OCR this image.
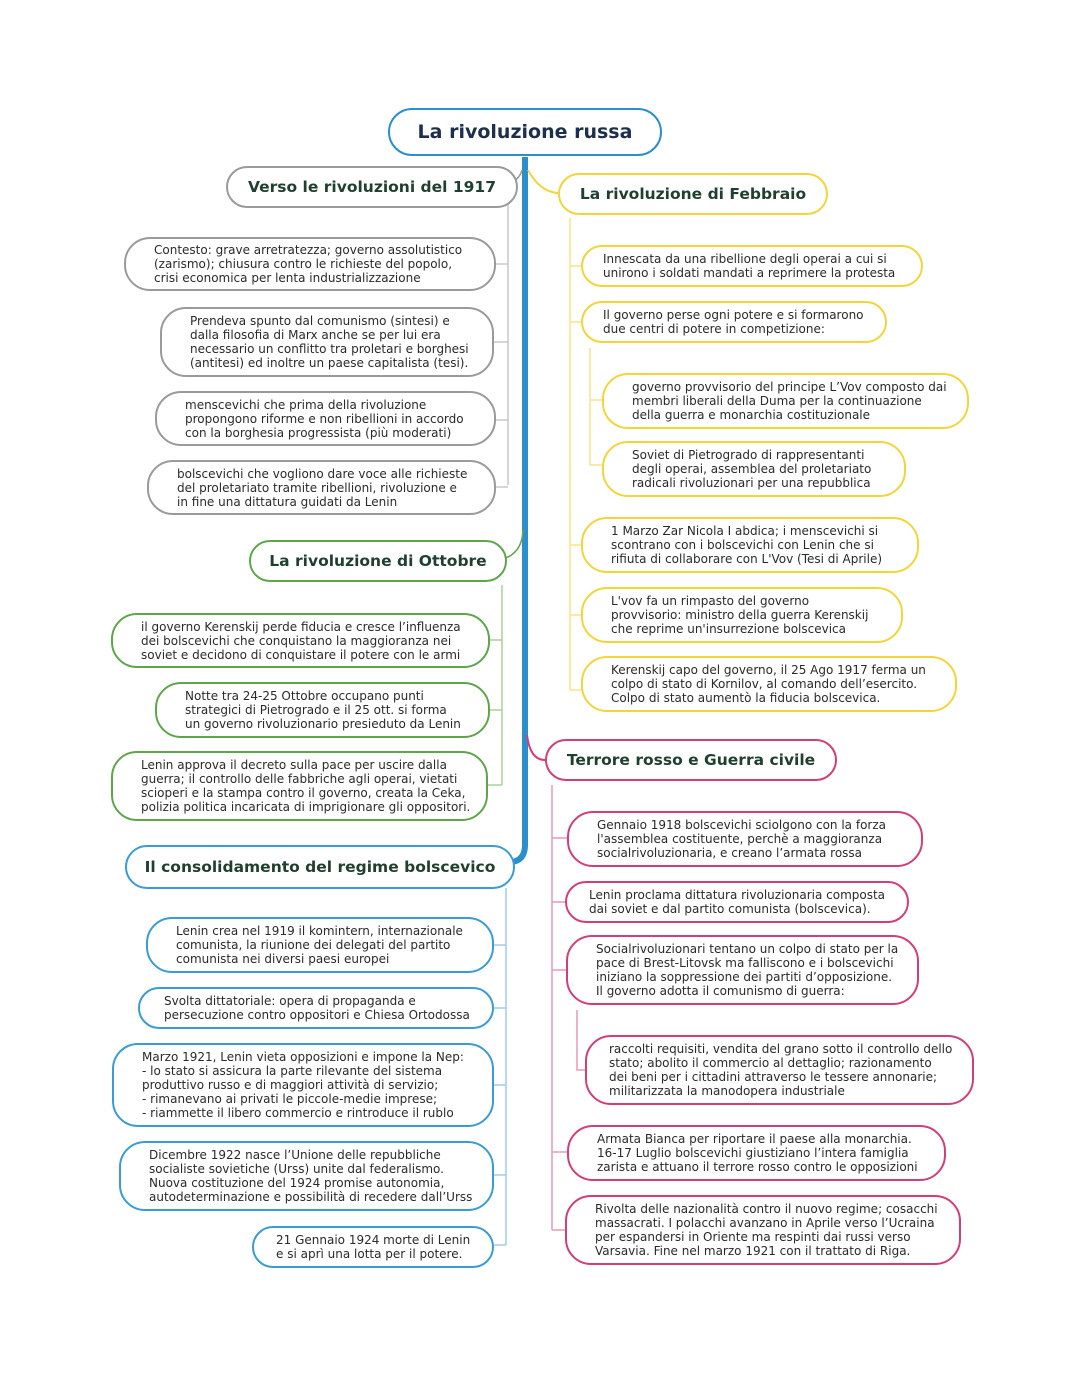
La rivoluzione russa
Verso le rivoluzioni del 1917
Contesto: grave arretratezza; governo assolutistico
(zarismo); chiusura contro le richieste del popolo,
crisi economica per lenta industrializzazione
Prendeva spunto dal comunismo (sintesi) e
dalla filosofia di Marx anche se per lui era
necessario un conflitto tra proletari e borghesi
(antitesi) ed inoltre un paese capitalista (tesi).
menscevichi che prima della rivoluzione
propongono riforme e non ribellioni in accordo
con la borghesia progressista (più moderati)
bolscevichi che vogliono dare voce alle richieste
del proletariato tramite ribellioni, rivoluzione e
in fine una dittatura guidati da Lenin
La rivoluzione di Febbraio
Innescata da una ribellione degli operai a cui si
unirono i soldati mandati a reprimere la protesta
Il governo perse ogni potere e si formarono
due centri di potere in competizione:
governo provvisorio del principe L’Vov composto dai
membri liberali della Duma per la continuazione
della guerra e monarchia costituzionale
Soviet di Pietrogrado di rappresentanti
degli operai, assemblea del proletariato
radicali rivoluzionari per una repubblica
1 Marzo Zar Nicola I abdica; i menscevichi si
scontrano con i bolscevichi con Lenin che si
rifiuta di collaborare con L'Vov (Tesi di Aprile)
L'vov fa un rimpasto del governo
provvisorio: ministro della guerra Kerenskij
che reprime un'insurrezione bolscevica
Kerenskij capo del governo, il 25 Ago 1917 ferma un
colpo di stato di Kornilov, al comando dell’esercito.
Colpo di stato aumentò la fiducia bolscevica.
La rivoluzione di Ottobre
il governo Kerenskij perde fiducia e cresce l’influenza
dei bolscevichi che conquistano la maggioranza nei
soviet e decidono di conquistare il potere con le armi
Notte tra 24-25 Ottobre occupano punti
strategici di Pietrogrado e il 25 ott. si forma
un governo rivoluzionario presieduto da Lenin
Lenin approva il decreto sulla pace per uscire dalla
guerra; il controllo delle fabbriche agli operai, vietati
scioperi e la stampa contro il governo, creata la Ceka,
polizia politica incaricata di imprigionare gli oppositori.
Terrore rosso e Guerra civile
Gennaio 1918 bolscevichi sciolgono con la forza
l'assemblea costituente, perchè a maggioranza
socialrivoluzionaria, e creano l’armata rossa
Lenin proclama dittatura rivoluzionaria composta
dai soviet e dal partito comunista (bolscevica).
Socialrivoluzionari tentano un colpo di stato per la
pace di Brest-Litovsk ma falliscono e i bolscevichi
iniziano la soppressione dei partiti d’opposizione.
Il governo adotta il comunismo di guerra:
raccolti requisiti, vendita del grano sotto il controllo dello
stato; abolito il commercio al dettaglio; razionamento
dei beni per i cittadini attraverso le tessere annonarie;
militarizzata la manodopera industriale
Armata Bianca per riportare il paese alla monarchia.
16-17 Luglio bolscevichi giustiziano l’intera famiglia
zarista e attuano il terrore rosso contro le opposizioni
Rivolta delle nazionalità contro il nuovo regime; cosacchi
massacrati. I polacchi avanzano in Aprile verso l’Ucraina
per espandersi in Oriente ma respinti dai russi verso
Varsavia. Fine nel marzo 1921 con il trattato di Riga.
Il consolidamento del regime bolscevico
Lenin crea nel 1919 il komintern, internazionale
comunista, la riunione dei delegati del partito
comunista nei diversi paesi europei
Svolta dittatoriale: opera di propaganda e
persecuzione contro oppositori e Chiesa Ortodossa
Marzo 1921, Lenin vieta opposizioni e impone la Nep:
- lo stato si assicura la parte rilevante del sistema
produttivo russo e di maggiori attività di servizio;
- rimanevano ai privati le piccole-medie imprese;
- riammette il libero commercio e rintroduce il rublo
Dicembre 1922 nasce l’Unione delle repubbliche
socialiste sovietiche (Urss) unite dal federalismo.
Nuova costituzione del 1924 promise autonomia,
autodeterminazione e possibilità di recedere dall’Urss
21 Gennaio 1924 morte di Lenin
e si aprì una lotta per il potere.
